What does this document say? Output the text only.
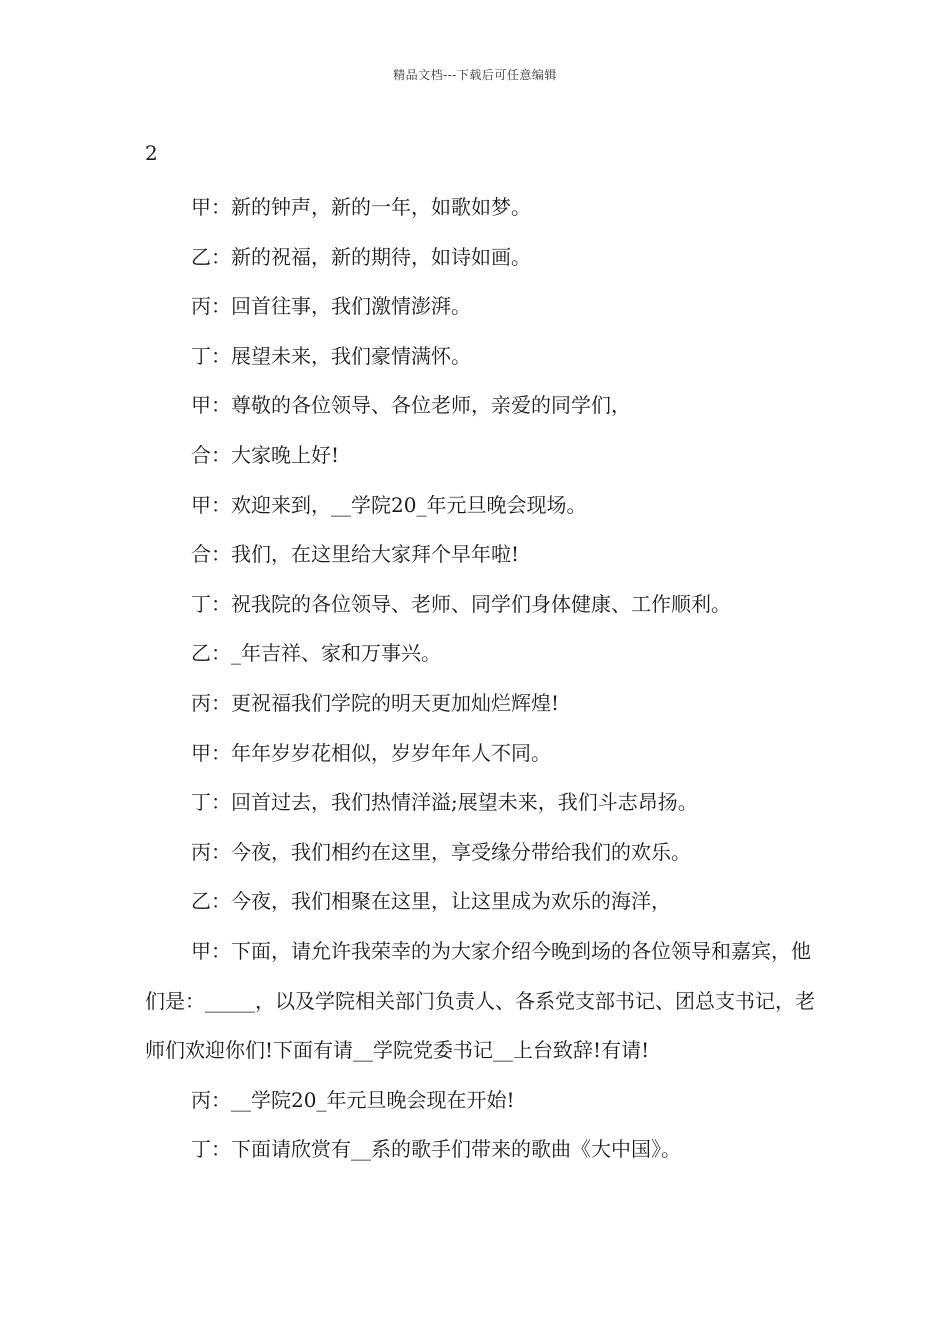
精品文档---下载后可任意编辑
2

甲：新的钟声，新的一年，如歌如梦。

乙：新的祝福，新的期待，如诗如画。

丙：回首往事，我们激情澎湃。

丁：展望未来，我们豪情满怀。

甲：尊敬的各位领导、各位老师，亲爱的同学们，

合：大家晚上好!

甲：欢迎来到，__学院20_年元旦晚会现场。

合：我们，在这里给大家拜个早年啦!

丁：祝我院的各位领导、老师、同学们身体健康、工作顺利。

乙：_年吉祥、家和万事兴。

丙：更祝福我们学院的明天更加灿烂辉煌!

甲：年年岁岁花相似，岁岁年年人不同。

丁：回首过去，我们热情洋溢;展望未来，我们斗志昂扬。

丙：今夜，我们相约在这里，享受缘分带给我们的欢乐。

乙：今夜，我们相聚在这里，让这里成为欢乐的海洋，

甲：下面，请允许我荣幸的为大家介绍今晚到场的各位领导和嘉宾，他们是：_____，以及学院相关部门负责人、各系党支部书记、团总支书记，老师们欢迎你们!下面有请__学院党委书记__上台致辞!有请!

丙：__学院20_年元旦晚会现在开始!

丁：下面请欣赏有__系的歌手们带来的歌曲《大中国》。
